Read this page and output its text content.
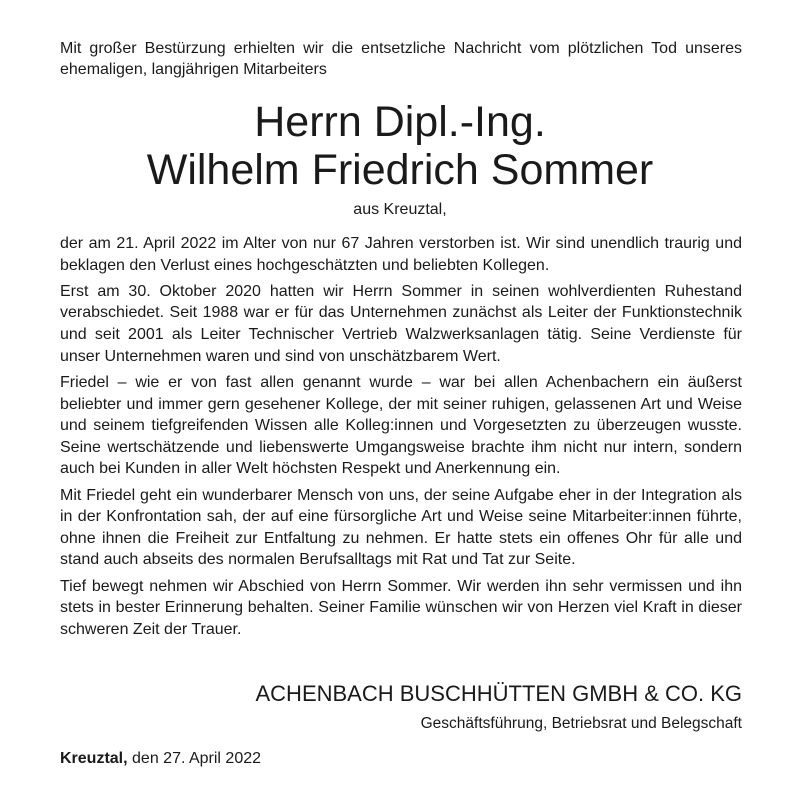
Mit großer Bestürzung erhielten wir die entsetzliche Nachricht vom plötzlichen Tod unseres ehemaligen, langjährigen Mitarbeiters
Herrn Dipl.-Ing.
Wilhelm Friedrich Sommer
aus Kreuztal,

der am 21. April 2022 im Alter von nur 67 Jahren verstorben ist. Wir sind unendlich traurig und beklagen den Verlust eines hochgeschätzten und beliebten Kollegen.

Erst am 30. Oktober 2020 hatten wir Herrn Sommer in seinen wohlverdienten Ruhestand verabschiedet. Seit 1988 war er für das Unternehmen zunächst als Leiter der Funktionstechnik und seit 2001 als Leiter Technischer Vertrieb Walzwerksanlagen tätig. Seine Verdienste für unser Unternehmen waren und sind von unschätzbarem Wert.

Friedel – wie er von fast allen genannt wurde – war bei allen Achenbachern ein äußerst beliebter und immer gern gesehener Kollege, der mit seiner ruhigen, gelassenen Art und Weise und seinem tiefgreifenden Wissen alle Kolleg:innen und Vorgesetzten zu überzeugen wusste. Seine wertschätzende und liebenswerte Umgangsweise brachte ihm nicht nur intern, sondern auch bei Kunden in aller Welt höchsten Respekt und Anerkennung ein.

Mit Friedel geht ein wunderbarer Mensch von uns, der seine Aufgabe eher in der Integration als in der Konfrontation sah, der auf eine fürsorgliche Art und Weise seine Mitarbeiter:innen führte, ohne ihnen die Freiheit zur Entfaltung zu nehmen. Er hatte stets ein offenes Ohr für alle und stand auch abseits des normalen Berufsalltags mit Rat und Tat zur Seite.

Tief bewegt nehmen wir Abschied von Herrn Sommer. Wir werden ihn sehr vermissen und ihn stets in bester Erinnerung behalten. Seiner Familie wünschen wir von Herzen viel Kraft in dieser schweren Zeit der Trauer.

ACHENBACH BUSCHHÜTTEN GMBH & CO. KG
Geschäftsführung, Betriebsrat und Belegschaft
Kreuztal, den 27. April 2022
